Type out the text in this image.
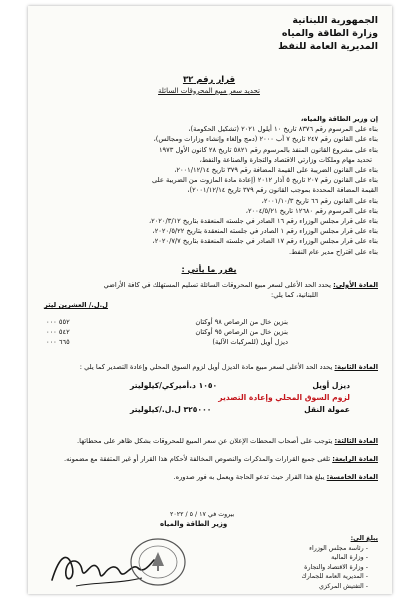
الجمهورية اللبنانية
وزارة الطاقة والمياه
المديرية العامة للنفط
قرار رقم ٣٢
تحديد سعر مبيع المحروقات السائلة
إن وزير الطاقة والمياه،
بناء على المرسوم رقم ٨٣٧٦ تاريخ ١٠ أيلول ٢٠٢١ (تشكيل الحكومة)،
بناء على القانون رقم ٢٤٧ تاريخ ٧ آب ٢٠٠٠ (دمج وإلغاء وإنشاء وزارات ومجالس)،
بناء على مشروع القانون المنفذ بالمرسوم رقم ٥٨٢١ تاريخ ٢٨ كانون الأول ١٩٧٣
تحديد مهام وملكات وزارتي الاقتصاد والتجارة والصناعة والنفط،
بناء على القانون الضريبة على القيمة المضافة رقم ٣٧٩ تاريخ ٢٠٠١/١٢/١٤،
بناء على القانون رقم ٢٠٧ تاريخ ٥ آذار ٢٠١٢ (إعادة مادة المازوت من الضريبة على
القيمة المضافة المحددة بموجب القانون رقم ٣٧٩ تاريخ ٢٠٠١/١٢/١٤)،
بناء على القانون رقم ٦٦ تاريخ ٢٠٠١/١٠/٣،
بناء على المرسوم رقم ١٢٦٨٠ تاريخ ٢٠٠٤/٥/٢١،
بناء على قرار مجلس الوزراء رقم ١٦ الصادر في جلسته المنعقدة بتاريخ ٢٠٢٠/٣/١٢،
بناء على قرار مجلس الوزراء رقم ١ الصادر في جلسته المنعقدة بتاريخ ٢٠٢٠/٥/٢٢،
بناء على قرار مجلس الوزراء رقم ١٧ الصادر في جلسته المنعقدة بتاريخ ٢٠٢٠/٧/٧،
بناء على اقتراح مدير عام النفط.
يقرر ما يأتي :
المادة الأولى: يحدد الحد الأعلى لسعر مبيع المحروقات السائلة تسليم المستهلك في كافة الأراضي
اللبنانية، كما يلي:
ل.ل./ العشرين ليتر
بنزين خال من الرصاص ٩٨ أوكتان
٥٥٢ ٠٠٠
بنزين خال من الرصاص ٩٥ أوكتان
٥٤٢ ٠٠٠
ديزل أويل (للمركبات الآلية)
٦٦٥ ٠٠٠
المادة الثانية: يحدد الحد الأعلى لسعر مبيع مادة الديزل أويل لزوم السوق المحلي وإعادة التصدير كما يلي :
ديزل أويل
١٠٥٠ د.أميركي/كيلوليتر
لزوم السوق المحلي وإعادة التصدير
عمولة النقل
٣٢٥٠٠٠ ل.ل./كيلوليتر
المادة الثالثة: يتوجب على أصحاب المحطات الإعلان عن سعر المبيع للمحروقات بشكل ظاهر على محطاتها.
المادة الرابعة: تلغى جميع القرارات والمذكرات والنصوص المخالفة لأحكام هذا القرار أو غير المتفقة مع مضمونه.
المادة الخامسة: يبلغ هذا القرار حيث تدعو الحاجة ويعمل به فور صدوره.
بيروت في ١٧ / ٥ / ٢٠٢٢
وزير الطاقة والمياه
يبلغ الى:
- رئاسة مجلس الوزراء
- وزارة المالية
- وزارة الاقتصاد والتجارة
- المديرية العامة للجمارك
- التفتيش المركزي
